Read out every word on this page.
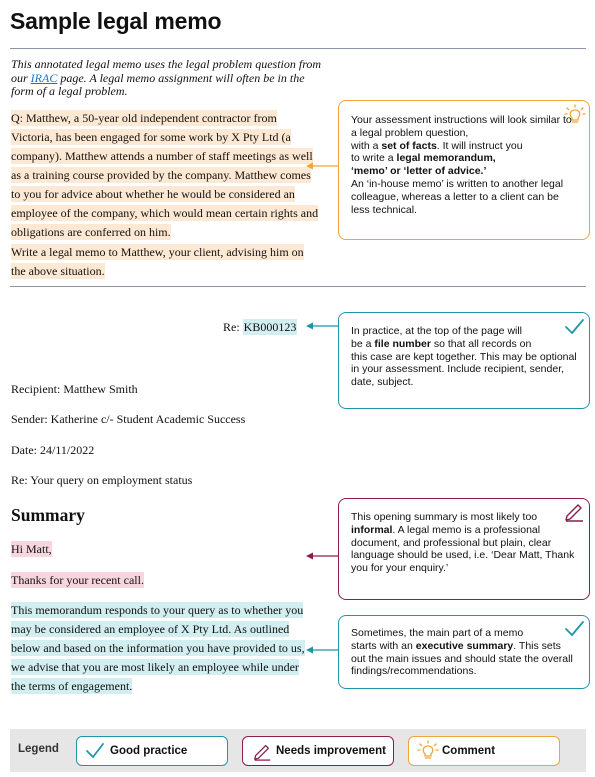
Sample legal memo
This annotated legal memo uses the legal problem question from our IRAC page. A legal memo assignment will often be in the form of a legal problem.
Q: Matthew, a 50-year old independent contractor from Victoria, has been engaged for some work by X Pty Ltd (a company). Matthew attends a number of staff meetings as well as a training course provided by the company. Matthew comes to you for advice about whether he would be considered an employee of the company, which would mean certain rights and obligations are conferred on him.
Write a legal memo to Matthew, your client, advising him on the above situation.
Your assessment instructions will look similar to a legal problem question,
with a set of facts. It will instruct you
to write a legal memorandum,
‘memo’ or ‘letter of advice.’
An ‘in-house memo’ is written to another legal colleague, whereas a letter to a client can be less technical.
Re: KB000123	In practice, at the top of the page will
be a file number so that all records on
this case are kept together. This may be optional in your assessment. Include recipient, sender, date, subject.
Recipient: Matthew Smith
Sender: Katherine c/- Student Academic Success
Date: 24/11/2022
Re: Your query on employment status
Summary
Hi Matt,
Thanks for your recent call.
This opening summary is most likely too
informal. A legal memo is a professional document, and professional but plain, clear language should be used, i.e. ‘Dear Matt, Thank you for your enquiry.’
This memorandum responds to your query as to whether you may be considered an employee of X Pty Ltd. As outlined below and based on the information you have provided to us, we advise that you are most likely an employee while under the terms of engagement.
Sometimes, the main part of a memo
starts with an executive summary. This sets out the main issues and should state the overall findings/recommendations.
Legend	Good practice	Needs improvement	Comment
